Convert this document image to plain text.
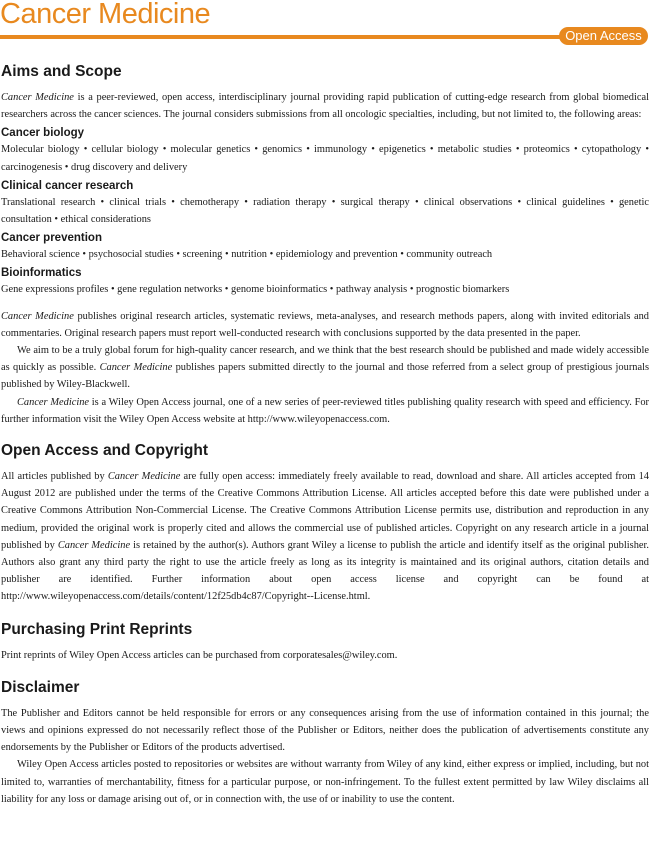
Cancer Medicine
Open Access
Aims and Scope

Cancer Medicine is a peer-reviewed, open access, interdisciplinary journal providing rapid publication of cutting-edge research from global biomedical researchers across the cancer sciences. The journal considers submissions from all oncologic specialties, including, but not limited to, the following areas:

Cancer biology

Molecular biology • cellular biology • molecular genetics • genomics • immunology • epigenetics • metabolic studies • proteomics • cytopathology • carcinogenesis • drug discovery and delivery

Clinical cancer research

Translational research • clinical trials • chemotherapy • radiation therapy • surgical therapy • clinical observations • clinical guidelines • genetic consultation • ethical considerations

Cancer prevention

Behavioral science • psychosocial studies • screening • nutrition • epidemiology and prevention • community outreach

Bioinformatics

Gene expressions profiles • gene regulation networks • genome bioinformatics • pathway analysis • prognostic biomarkers

Cancer Medicine publishes original research articles, systematic reviews, meta-analyses, and research methods papers, along with invited editorials and commentaries. Original research papers must report well-conducted research with conclusions supported by the data presented in the paper.

We aim to be a truly global forum for high-quality cancer research, and we think that the best research should be published and made widely accessible as quickly as possible. Cancer Medicine publishes papers submitted directly to the journal and those referred from a select group of prestigious journals published by Wiley-Blackwell.

Cancer Medicine is a Wiley Open Access journal, one of a new series of peer-reviewed titles publishing quality research with speed and efficiency. For further information visit the Wiley Open Access website at http://www.wileyopenaccess.com.

Open Access and Copyright

All articles published by Cancer Medicine are fully open access: immediately freely available to read, download and share. All articles accepted from 14 August 2012 are published under the terms of the Creative Commons Attribution License. All articles accepted before this date were published under a Creative Commons Attribution Non-Commercial License. The Creative Commons Attribution License permits use, distribution and reproduction in any medium, provided the original work is properly cited and allows the commercial use of published articles. Copyright on any research article in a journal published by Cancer Medicine is retained by the author(s). Authors grant Wiley a license to publish the article and identify itself as the original publisher. Authors also grant any third party the right to use the article freely as long as its integrity is maintained and its original authors, citation details and publisher are identified. Further information about open access license and copyright can be found at http://www.wileyopenaccess.com/details/content/12f25db4c87/Copyright--License.html.

Purchasing Print Reprints

Print reprints of Wiley Open Access articles can be purchased from corporatesales@wiley.com.

Disclaimer

The Publisher and Editors cannot be held responsible for errors or any consequences arising from the use of information contained in this journal; the views and opinions expressed do not necessarily reflect those of the Publisher or Editors, neither does the publication of advertisements constitute any endorsements by the Publisher or Editors of the products advertised.

Wiley Open Access articles posted to repositories or websites are without warranty from Wiley of any kind, either express or implied, including, but not limited to, warranties of merchantability, fitness for a particular purpose, or non-infringement. To the fullest extent permitted by law Wiley disclaims all liability for any loss or damage arising out of, or in connection with, the use of or inability to use the content.
